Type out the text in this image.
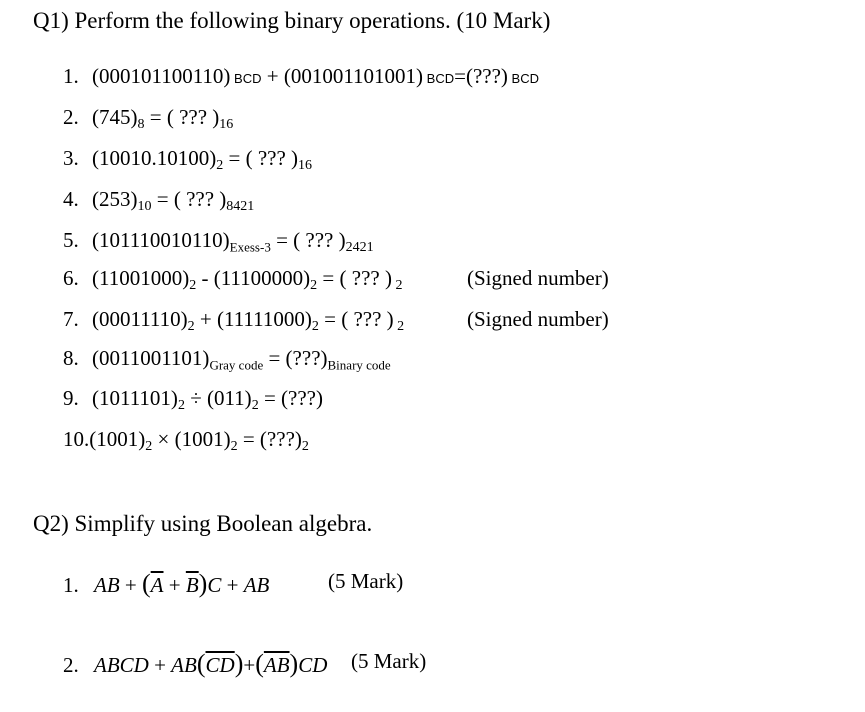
Q1) Perform the following binary operations. (10 Mark)
1. (000101100110) BCD + (001001101001) BCD=(???) BCD
2. $(745)_8$ = ( ??? )$_{16}$
3. $(10010.10100)_2$ = ( ??? )$_{16}$
4. $(253)_{10}$ = ( ??? )$_{8421}$
5. $(101110010110)_{Exess-3}$ = ( ??? )$_{2421}$
6. $(11001000)_2 - (11100000)_2$ = ( ??? ) $_2$	(Signed number)
7. $(00011110)_2 + (11111000)_2$ = ( ??? ) $_2$	(Signed number)
8. $(0011001101)_{Gray code}$ = $(???)_{Binary code}$
9. $(1011101)_2 \div (011)_2$ = (???)
$10.(1001)_2 \times (1001)_2$ = $(???)_2$
Q2) Simplify using Boolean algebra.
1. AB + $(\overline{A} + \overline{B})C$ + AB	(5 Mark)
2. ABCD + $AB(\overline{CD})+(\overline{AB})CD$ (5 Mark)
